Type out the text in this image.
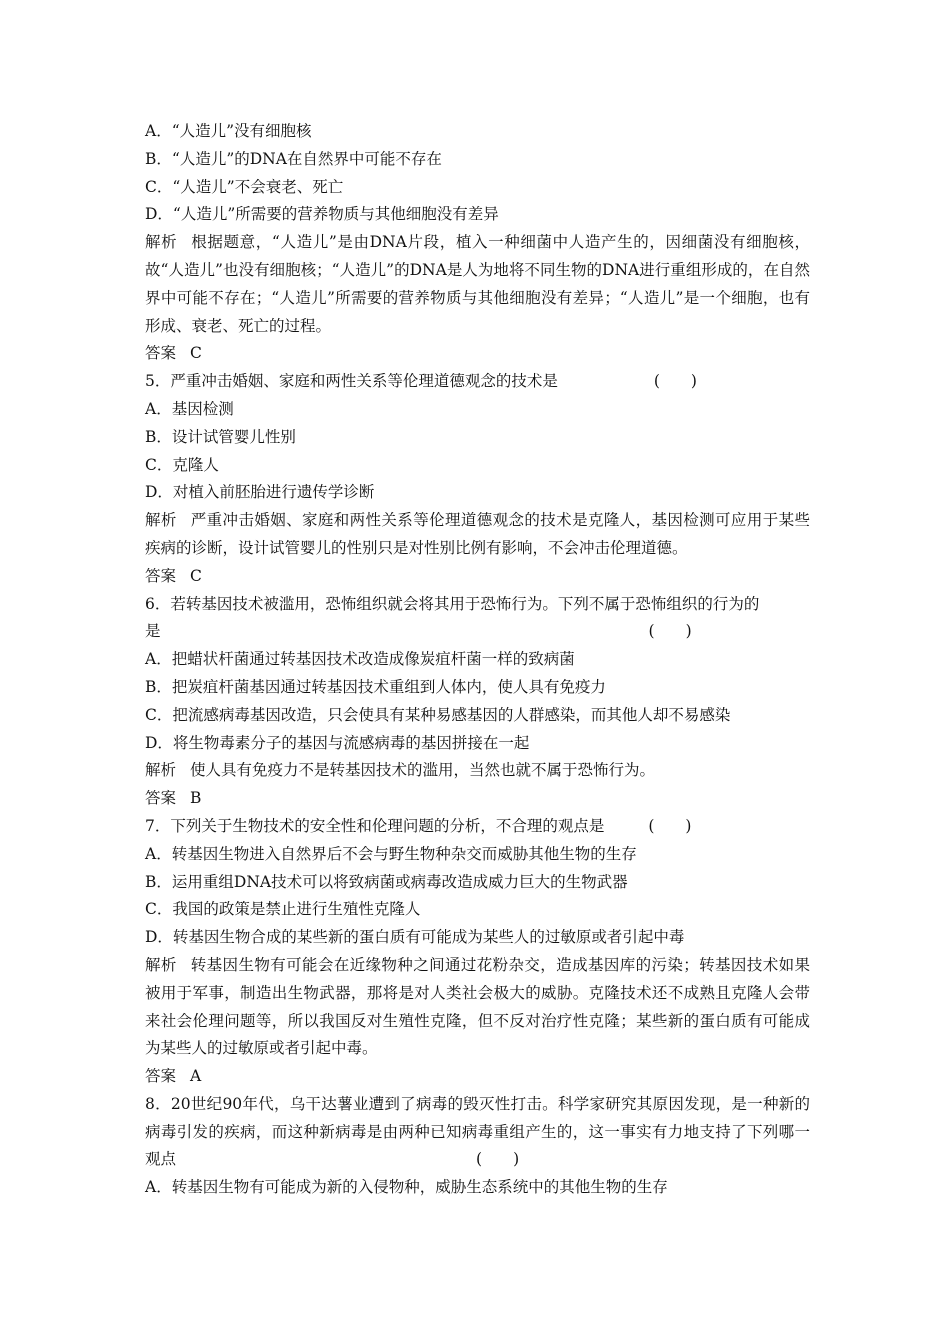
A．“人造儿”没有细胞核
B．“人造儿”的DNA在自然界中可能不存在
C．“人造儿”不会衰老、死亡
D．“人造儿”所需要的营养物质与其他细胞没有差异
解析 根据题意，“人造儿”是由DNA片段，植入一种细菌中人造产生的，因细菌没有细胞核，故“人造儿”也没有细胞核；“人造儿”的DNA是人为地将不同生物的DNA进行重组形成的，在自然界中可能不存在；“人造儿”所需要的营养物质与其他细胞没有差异；“人造儿”是一个细胞，也有形成、衰老、死亡的过程。
答案 C
5．严重冲击婚姻、家庭和两性关系等伦理道德观念的技术是	(　　)
A．基因检测
B．设计试管婴儿性别
C．克隆人
D．对植入前胚胎进行遗传学诊断
解析 严重冲击婚姻、家庭和两性关系等伦理道德观念的技术是克隆人，基因检测可应用于某些疾病的诊断，设计试管婴儿的性别只是对性别比例有影响，不会冲击伦理道德。
答案 C
6．若转基因技术被滥用，恐怖组织就会将其用于恐怖行为。下列不属于恐怖组织的行为的
是	(　　)
A．把蜡状杆菌通过转基因技术改造成像炭疽杆菌一样的致病菌
B．把炭疽杆菌基因通过转基因技术重组到人体内，使人具有免疫力
C．把流感病毒基因改造，只会使具有某种易感基因的人群感染，而其他人却不易感染
D．将生物毒素分子的基因与流感病毒的基因拼接在一起
解析 使人具有免疫力不是转基因技术的滥用，当然也就不属于恐怖行为。
答案 B
7．下列关于生物技术的安全性和伦理问题的分析，不合理的观点是	(　　)
A．转基因生物进入自然界后不会与野生物种杂交而威胁其他生物的生存
B．运用重组DNA技术可以将致病菌或病毒改造成威力巨大的生物武器
C．我国的政策是禁止进行生殖性克隆人
D．转基因生物合成的某些新的蛋白质有可能成为某些人的过敏原或者引起中毒
解析 转基因生物有可能会在近缘物种之间通过花粉杂交，造成基因库的污染；转基因技术如果被用于军事，制造出生物武器，那将是对人类社会极大的威胁。克隆技术还不成熟且克隆人会带来社会伦理问题等，所以我国反对生殖性克隆，但不反对治疗性克隆；某些新的蛋白质有可能成为某些人的过敏原或者引起中毒。
答案 A
8．20世纪90年代，乌干达薯业遭到了病毒的毁灭性打击。科学家研究其原因发现，是一种新的病毒引发的疾病，而这种新病毒是由两种已知病毒重组产生的，这一事实有力地支持了下列哪一观点	(　　)
A．转基因生物有可能成为新的入侵物种，威胁生态系统中的其他生物的生存
